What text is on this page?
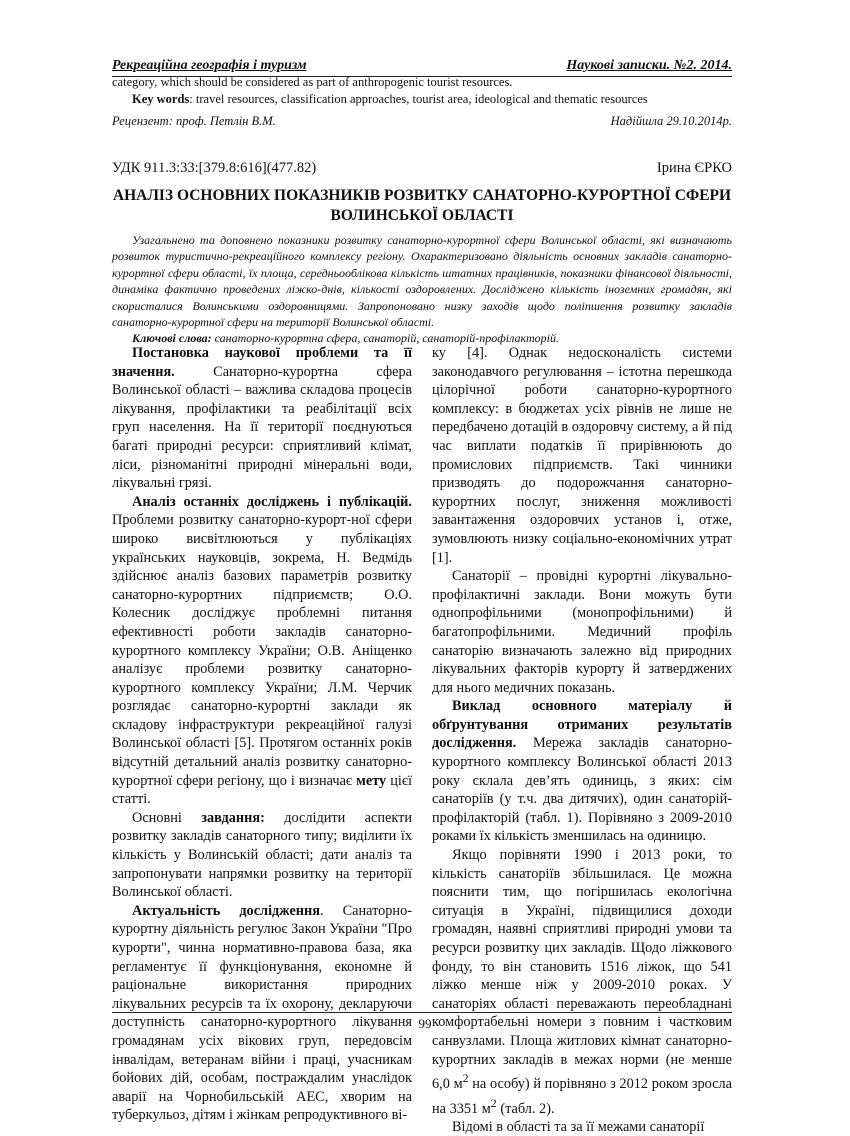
Рекреаційна географія і туризм	Наукові записки. №2. 2014.
category, which should be considered as part of anthropogenic tourist resources.
Key words: travel resources, classification approaches, tourist area, ideological and thematic resources
Рецензент: проф. Петлін В.М.	Надійшла 29.10.2014р.
УДК 911.3:33:[379.8:616](477.82)	Ірина ЄРКО
АНАЛІЗ ОСНОВНИХ ПОКАЗНИКІВ РОЗВИТКУ САНАТОРНО-КУРОРТНОЇ СФЕРИ ВОЛИНСЬКОЇ ОБЛАСТІ

Узагальнено та доповнено показники розвитку санаторно-курортної сфери Волинської області, які визначають розвиток туристично-рекреаційного комплексу регіону. Охарактеризовано діяльність основних закладів санаторно-курортної сфери області, їх площа, середньооблікова кількість штатних працівників, показники фінансової діяльності, динаміка фактично проведених ліжко-днів, кількості оздоровлених. Досліджено кількість іноземних громадян, які скористалися Волинськими оздоровницями. Запропоновано низку заходів щодо поліпшення розвитку закладів санаторно-курортної сфери на території Волинської області.

Ключові слова: санаторно-курортна сфера, санаторій, санаторій-профілакторій.

Постановка наукової проблеми та її значення. Санаторно-курортна сфера Волинської області – важлива складова процесів лікування, профілактики та реабілітації всіх груп населення. На її території поєднуються багаті природні ресурси: сприятливий клімат, ліси, різноманітні природні мінеральні води, лікувальні грязі.

Аналіз останніх досліджень і публікацій. Проблеми розвитку санаторно-курорт-ної сфери широко висвітлюються у публікаціях українських науковців, зокрема, Н. Ведмідь здійснює аналіз базових параметрів розвитку санаторно-курортних підприємств; О.О. Колесник досліджує проблемні питання ефективності роботи закладів санаторно-курортного комплексу України; О.В. Аніщенко аналізує проблеми розвитку санаторно-курортного комплексу України; Л.М. Черчик розглядає санаторно-курортні заклади як складову інфраструктури рекреаційної галузі Волинської області [5]. Протягом останніх років відсутній детальний аналіз розвитку санаторно-курортної сфери регіону, що і визначає мету цієї статті.

Основні завдання: дослідити аспекти розвитку закладів санаторного типу; виділити їх кількість у Волинській області; дати аналіз та запропонувати напрямки розвитку на території Волинської області.

Актуальність дослідження. Санаторно-курортну діяльність регулює Закон України "Про курорти", чинна нормативно-правова база, яка регламентує її функціонування, економне й раціональне використання природних лікувальних ресурсів та їх охорону, декларуючи доступність санаторно-курортного лікування громадянам усіх вікових груп, передовсім інвалідам, ветеранам війни і праці, учасникам бойових дій, особам, постраждалим унаслідок аварії на Чорнобильській АЕС, хворим на туберкульоз, дітям і жінкам репродуктивного ві-

ку [4]. Однак недосконалість системи законодавчого регулювання – істотна перешкода цілорічної роботи санаторно-курортного комплексу: в бюджетах усіх рівнів не лише не передбачено дотацій в оздоровчу систему, а й під час виплати податків її прирівнюють до промислових підприємств. Такі чинники призводять до подорожчання санаторно-курортних послуг, зниження можливості завантаження оздоровчих установ і, отже, зумовлюють низку соціально-економічних утрат [1].

Санаторії – провідні курортні лікувально-профілактичні заклади. Вони можуть бути однопрофільними (монопрофільними) й багатопрофільними. Медичний профіль санаторію визначають залежно від природних лікувальних факторів курорту й затверджених для нього медичних показань.

Виклад основного матеріалу й обґрунтування отриманих результатів дослідження. Мережа закладів санаторно-курортного комплексу Волинської області 2013 року склала дев’ять одиниць, з яких: сім санаторіїв (у т.ч. два дитячих), один санаторій-профілакторій (табл. 1). Порівняно з 2009-2010 роками їх кількість зменшилась на одиницю.

Якщо порівняти 1990 і 2013 роки, то кількість санаторіїв збільшилася. Це можна пояснити тим, що погіршилась екологічна ситуація в Україні, підвищилися доходи громадян, наявні сприятливі природні умови та ресурси розвитку цих закладів. Щодо ліжкового фонду, то він становить 1516 ліжок, що 541 ліжко менше ніж у 2009-2010 роках. У санаторіях області переважають переобладнані комфортабельні номери з повним і частковим санвузлами. Площа житлових кімнат санаторно-курортних закладів в межах норми (не менше 6,0 $м^2$ на особу) й порівняно з 2012 роком зросла на 3351 $м^2$ (табл. 2).

Відомі в області та за її межами санаторії

99
